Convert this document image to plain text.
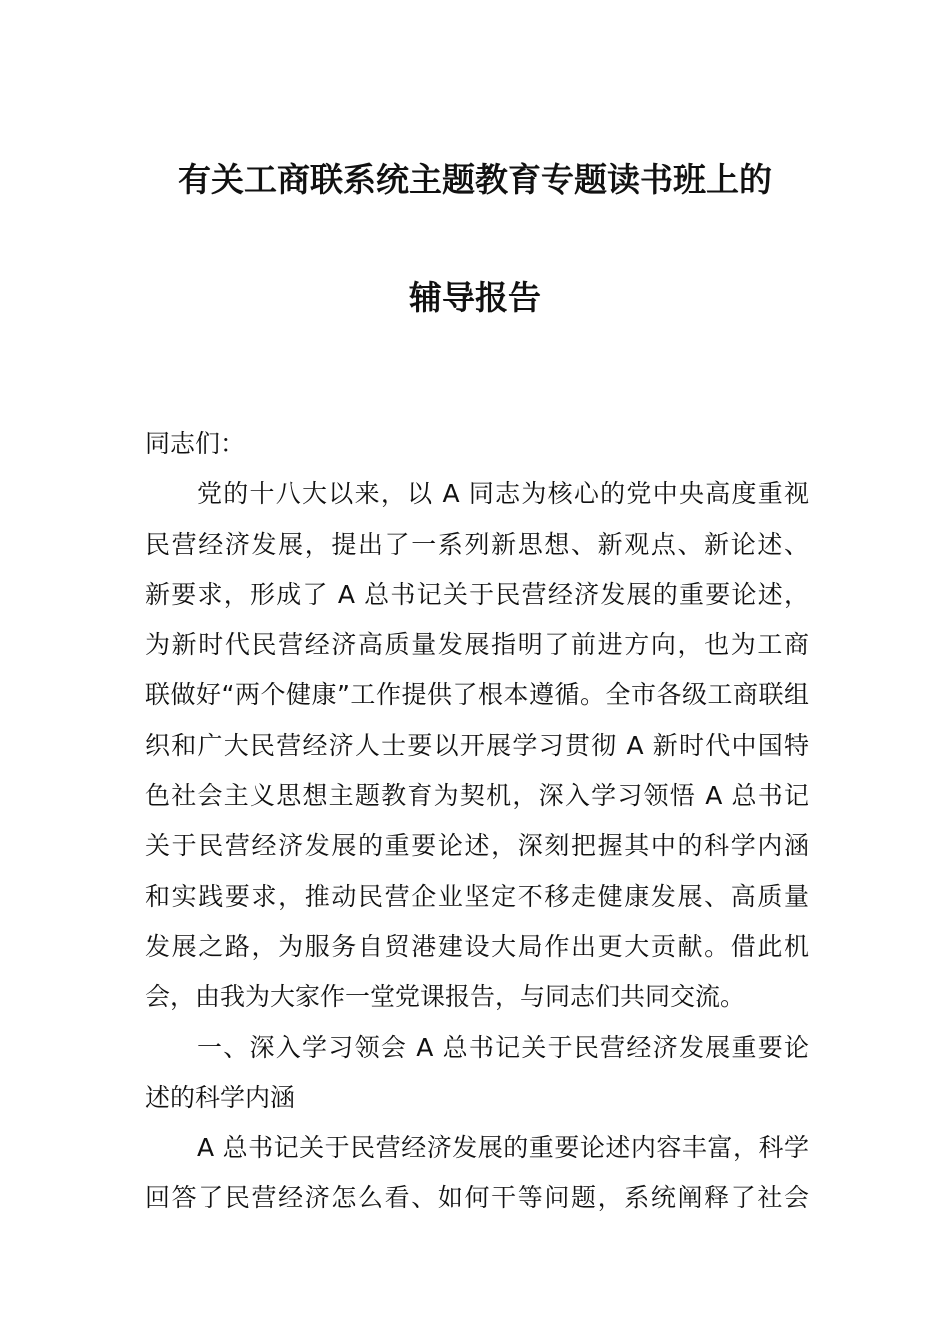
有关工商联系统主题教育专题读书班上的
辅导报告
同志们：
党的十八大以来，以 A 同志为核心的党中央高度重视
民营经济发展，提出了一系列新思想、新观点、新论述、
新要求，形成了 A 总书记关于民营经济发展的重要论述，
为新时代民营经济高质量发展指明了前进方向，也为工商
联做好“两个健康”工作提供了根本遵循。全市各级工商联组
织和广大民营经济人士要以开展学习贯彻 A 新时代中国特
色社会主义思想主题教育为契机，深入学习领悟 A 总书记
关于民营经济发展的重要论述，深刻把握其中的科学内涵
和实践要求，推动民营企业坚定不移走健康发展、高质量
发展之路，为服务自贸港建设大局作出更大贡献。借此机
会，由我为大家作一堂党课报告，与同志们共同交流。
一、深入学习领会 A 总书记关于民营经济发展重要论
述的科学内涵
A 总书记关于民营经济发展的重要论述内容丰富，科学
回答了民营经济怎么看、如何干等问题，系统阐释了社会
